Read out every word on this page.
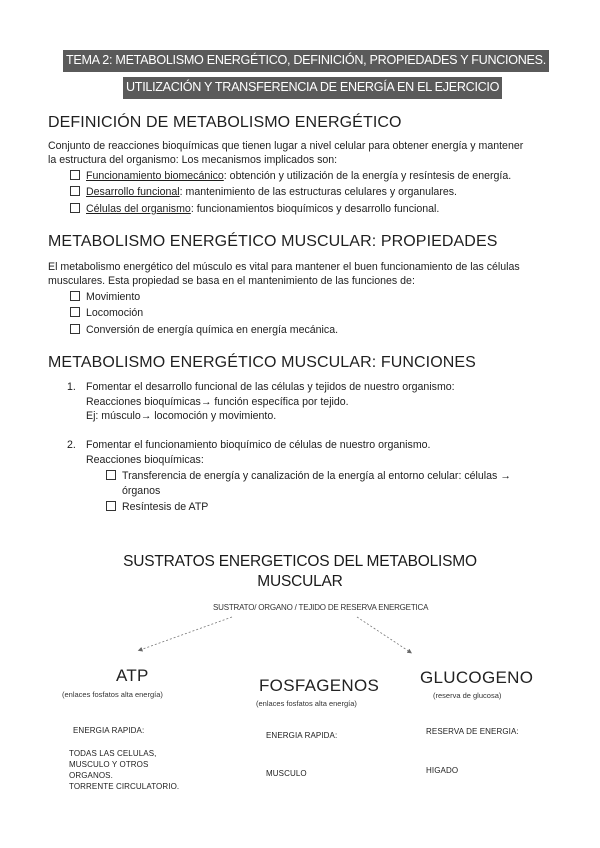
TEMA 2: METABOLISMO ENERGÉTICO, DEFINICIÓN, PROPIEDADES Y FUNCIONES.
UTILIZACIÓN Y TRANSFERENCIA DE ENERGÍA EN EL EJERCICIO
DEFINICIÓN DE METABOLISMO ENERGÉTICO
Conjunto de reacciones bioquímicas que tienen lugar a nivel celular para obtener energía y mantener
la estructura del organismo: Los mecanismos implicados son:
Funcionamiento biomecánico: obtención y utilización de la energía y resíntesis de energía.
Desarrollo funcional: mantenimiento de las estructuras celulares y organulares.
Células del organismo: funcionamientos bioquímicos y desarrollo funcional.
METABOLISMO ENERGÉTICO MUSCULAR: PROPIEDADES
El metabolismo energético del músculo es vital para mantener el buen funcionamiento de las células
musculares. Esta propiedad se basa en el mantenimiento de las funciones de:
Movimiento
Locomoción
Conversión de energía química en energía mecánica.
METABOLISMO ENERGÉTICO MUSCULAR: FUNCIONES
1. Fomentar el desarrollo funcional de las células y tejidos de nuestro organismo:
Reacciones bioquímicas→ función específica por tejido.
Ej: músculo→ locomoción y movimiento.
2. Fomentar el funcionamiento bioquímico de células de nuestro organismo.
Reacciones bioquímicas:
Transferencia de energía y canalización de la energía al entorno celular: células →
órganos
Resíntesis de ATP
SUSTRATOS ENERGETICOS DEL METABOLISMO
MUSCULAR
SUSTRATO/ ORGANO / TEJIDO DE RESERVA ENERGETICA
ATP
(enlaces fosfatos alta energía)
ENERGIA RAPIDA:
TODAS LAS CELULAS,
MUSCULO Y OTROS
ORGANOS.
TORRENTE CIRCULATORIO.
FOSFAGENOS
(enlaces fosfatos alta energía)
ENERGIA RAPIDA:
MUSCULO
GLUCOGENO
(reserva de glucosa)
RESERVA DE ENERGIA:
HIGADO
